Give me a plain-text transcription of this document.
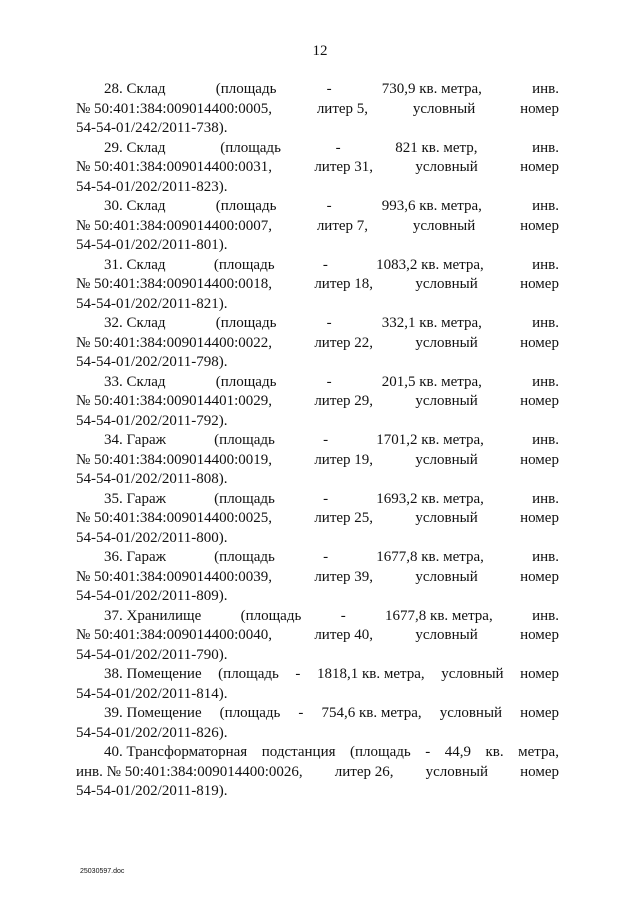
12
28. Склад	(площадь	-	730,9 кв. метра,	инв.
№ 50:401:384:009014400:0005,	литер 5,	условный	номер
54-54-01/242/2011-738).
29. Склад	(площадь	-	821 кв. метр,	инв.
№ 50:401:384:009014400:0031,	литер 31,	условный	номер
54-54-01/202/2011-823).
30. Склад	(площадь	-	993,6 кв. метра,	инв.
№ 50:401:384:009014400:0007,	литер 7,	условный	номер
54-54-01/202/2011-801).
31. Склад	(площадь	-	1083,2 кв. метра,	инв.
№ 50:401:384:009014400:0018,	литер 18,	условный	номер
54-54-01/202/2011-821).
32. Склад	(площадь	-	332,1 кв. метра,	инв.
№ 50:401:384:009014400:0022,	литер 22,	условный	номер
54-54-01/202/2011-798).
33. Склад	(площадь	-	201,5 кв. метра,	инв.
№ 50:401:384:009014401:0029,	литер 29,	условный	номер
54-54-01/202/2011-792).
34. Гараж	(площадь	-	1701,2 кв. метра,	инв.
№ 50:401:384:009014400:0019,	литер 19,	условный	номер
54-54-01/202/2011-808).
35. Гараж	(площадь	-	1693,2 кв. метра,	инв.
№ 50:401:384:009014400:0025,	литер 25,	условный	номер
54-54-01/202/2011-800).
36. Гараж	(площадь	-	1677,8 кв. метра,	инв.
№ 50:401:384:009014400:0039,	литер 39,	условный	номер
54-54-01/202/2011-809).
37. Хранилище	(площадь	-	1677,8 кв. метра,	инв.
№ 50:401:384:009014400:0040,	литер 40,	условный	номер
54-54-01/202/2011-790).
38. Помещение (площадь - 1818,1 кв. метра, условный номер
54-54-01/202/2011-814).
39. Помещение (площадь - 754,6 кв. метра, условный номер
54-54-01/202/2011-826).
40. Трансформаторная подстанция (площадь - 44,9 кв. метра,
инв. № 50:401:384:009014400:0026, литер 26, условный номер
54-54-01/202/2011-819).
25030597.doc
